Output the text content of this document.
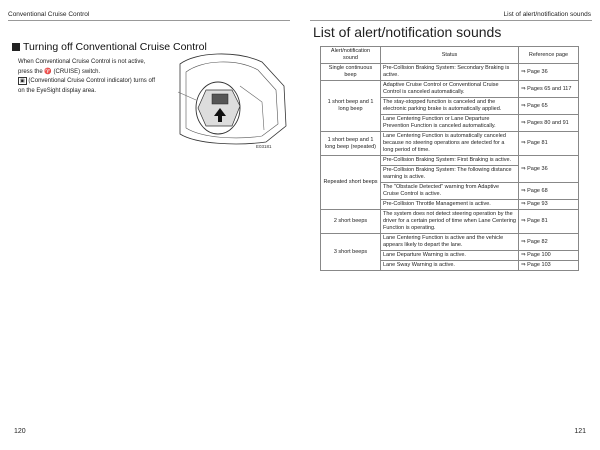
Conventional Cruise Control
Turning off Conventional Cruise Control

When Conventional Cruise Control is not active, press the ♈ (CRUISE) switch.

▣ (Conventional Cruise Control indicator) turns off on the EyeSight display area.

E03181
120
List of alert/notification sounds
List of alert/notification sounds
Alert/notification sound	Status	Reference page
Single continuous beep	Pre-Collision Braking System: Secondary Braking is active.	⇒ Page 36
1 short beep and 1 long beep	Adaptive Cruise Control or Conventional Cruise Control is canceled automatically.	⇒ Pages 65 and 117
	The stay-stopped function is canceled and the electronic parking brake is automatically applied.	⇒ Page 65
	Lane Centering Function or Lane Departure Prevention Function is canceled automatically.	⇒ Pages 80 and 91
1 short beep and 1 long beep (repeated)	Lane Centering Function is automatically canceled because no steering operations are detected for a long period of time.	⇒ Page 81
Repeated short beeps	Pre-Collision Braking System: First Braking is active.	⇒ Page 36
	Pre-Collision Braking System: The following distance warning is active.	
	The "Obstacle Detected" warning from Adaptive Cruise Control is active.	⇒ Page 68
	Pre-Collision Throttle Management is active.	⇒ Page 93
2 short beeps	The system does not detect steering operation by the driver for a certain period of time when Lane Centering Function is operating.	⇒ Page 81
3 short beeps	Lane Centering Function is active and the vehicle appears likely to depart the lane.	⇒ Page 82
	Lane Departure Warning is active.	⇒ Page 100
	Lane Sway Warning is active.	⇒ Page 103
121
